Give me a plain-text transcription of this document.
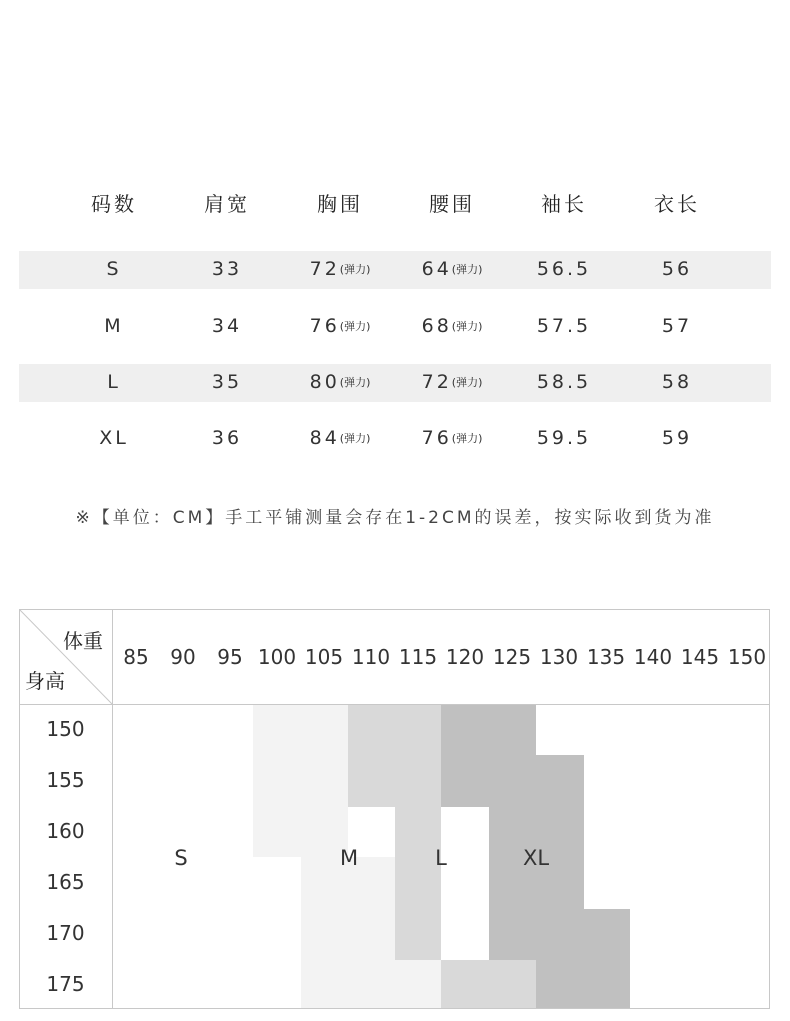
码数	肩宽	胸围	腰围	袖长	衣长
S	33	72(弹力)	64(弹力)	56.5	56
M	34	76(弹力)	68(弹力)	57.5	57
L	35	80(弹力)	72(弹力)	58.5	58
XL	36	84(弹力)	76(弹力)	59.5	59
※【单位：CM】手工平铺测量会存在1-2CM的误差，按实际收到货为准
体重
身高
85	90	95 100 105 110 115 120 125 130 135 140 145 150
150
155
160
165
170
175
S	M	L	XL
